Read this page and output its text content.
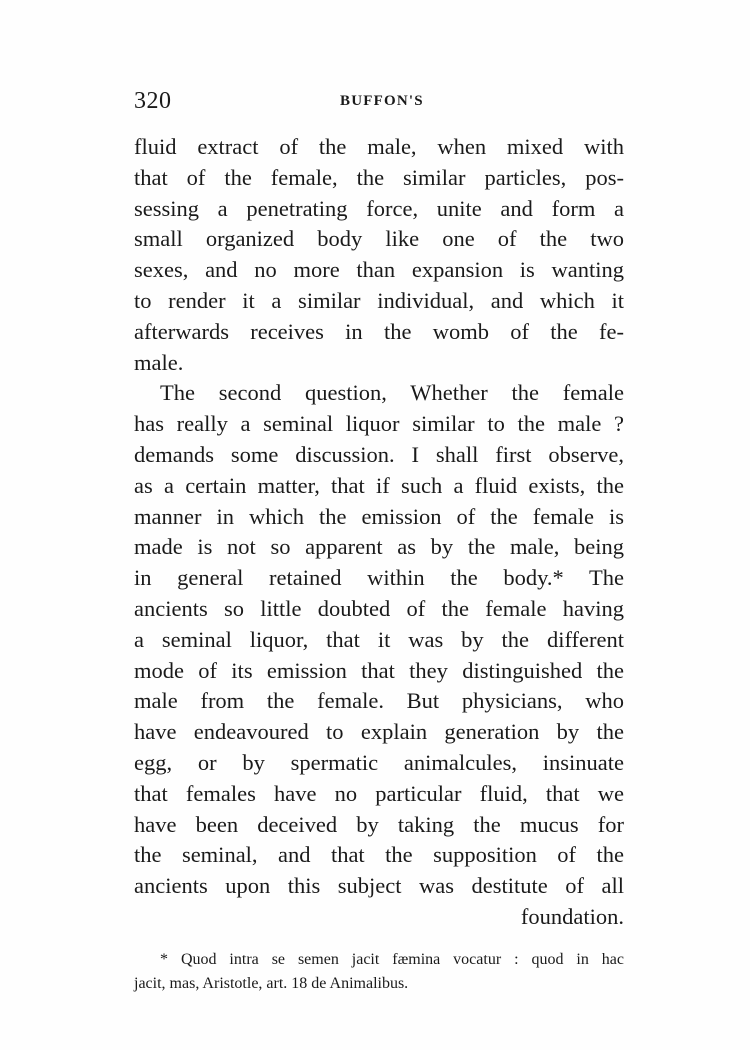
320	BUFFON'S
fluid extract of the male, when mixed with
that of the female, the similar particles, pos-
sessing a penetrating force, unite and form a
small organized body like one of the two
sexes, and no more than expansion is wanting
to render it a similar individual, and which it
afterwards receives in the womb of the fe-
male.
The second question, Whether the female
has really a seminal liquor similar to the male ?
demands some discussion. I shall first observe,
as a certain matter, that if such a fluid exists, the
manner in which the emission of the female is
made is not so apparent as by the male, being
in general retained within the body.* The
ancients so little doubted of the female having
a seminal liquor, that it was by the different
mode of its emission that they distinguished the
male from the female. But physicians, who
have endeavoured to explain generation by the
egg, or by spermatic animalcules, insinuate
that females have no particular fluid, that we
have been deceived by taking the mucus for
the seminal, and that the supposition of the
ancients upon this subject was destitute of all
foundation.
* Quod intra se semen jacit fæmina vocatur : quod in hac
jacit, mas, Aristotle, art. 18 de Animalibus.
